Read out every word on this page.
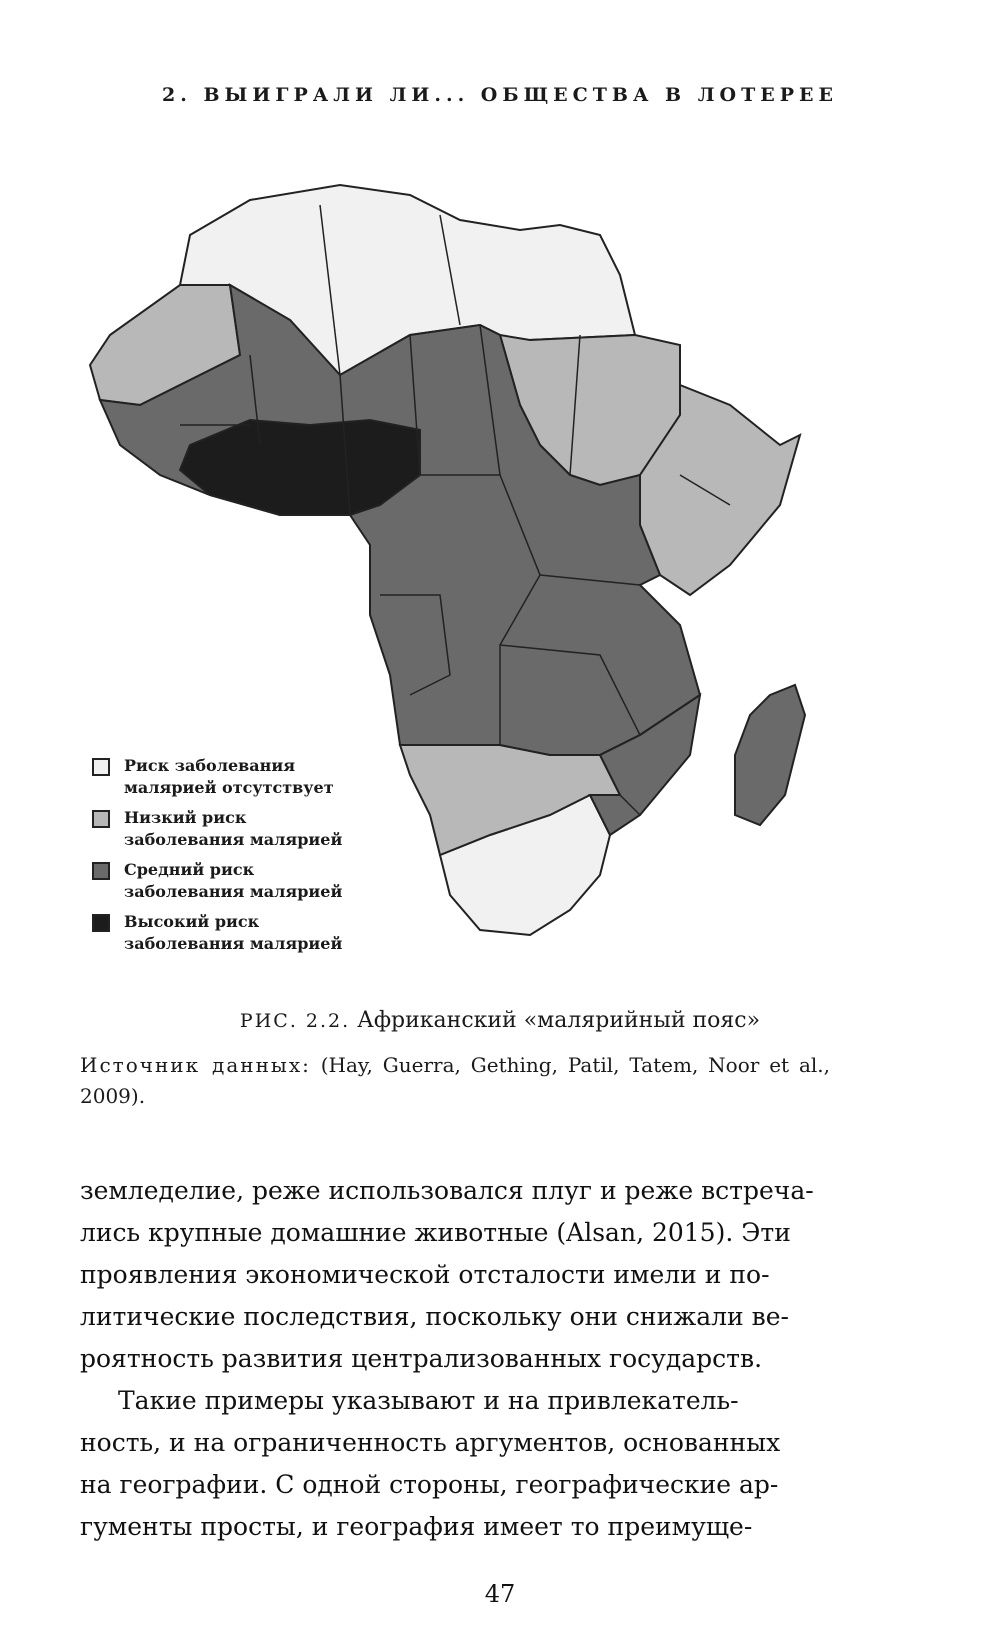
2. ВЫИГРАЛИ ЛИ... ОБЩЕСТВА В ЛОТЕРЕЕ
Риск заболевания
малярией отсутствует
Низкий риск
заболевания малярией
Средний риск
заболевания малярией
Высокий риск
заболевания малярией
РИС. 2.2. Африканский «малярийный пояс»
Источник данных: (Hay, Guerra, Gething, Patil, Tatem, Noor et al., 2009).

земледелие, реже использовался плуг и реже встреча-
лись крупные домашние животные (Alsan, 2015). Эти
проявления экономической отсталости имели и по-
литические последствия, поскольку они снижали ве-
роятность развития централизованных государств.

Такие примеры указывают и на привлекатель-
ность, и на ограниченность аргументов, основанных
на географии. С одной стороны, географические ар-
гументы просты, и география имеет то преимуще-

47
